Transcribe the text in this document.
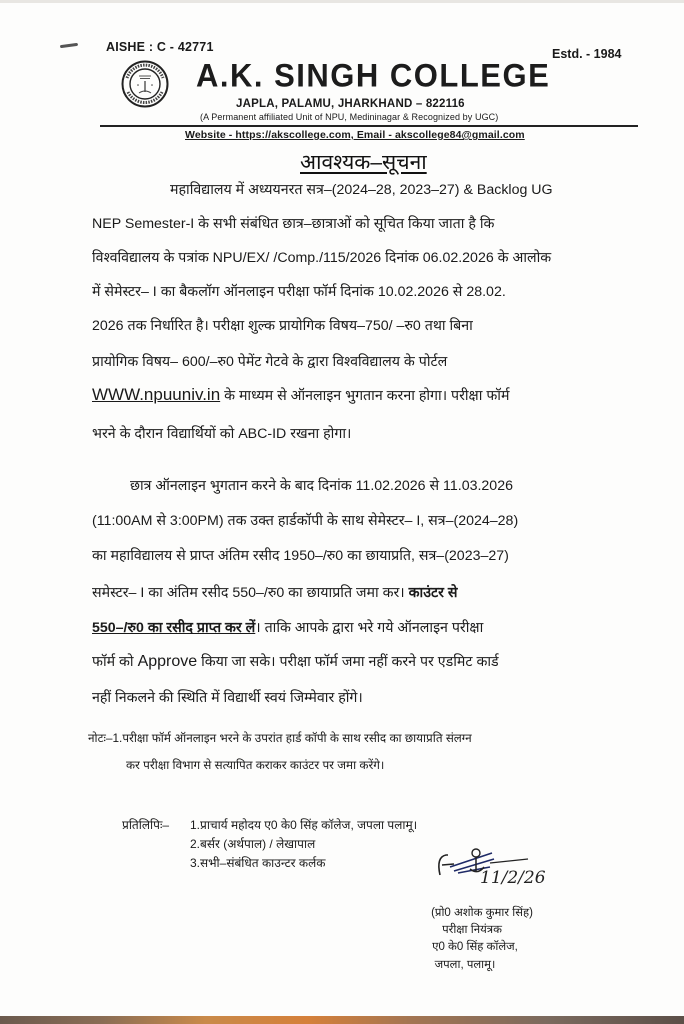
AISHE : C - 42771	Estd. - 1984
A.K. SINGH COLLEGE
JAPLA, PALAMU, JHARKHAND – 822116
(A Permanent affiliated Unit of NPU, Medininagar & Recognized by UGC)
Website - https://akscollege.com, Email - akscollege84@gmail.com
आवश्यक–सूचना
महाविद्यालय में अध्ययनरत सत्र–(2024–28, 2023–27) & Backlog UG
NEP Semester-I के सभी संबंधित छात्र–छात्राओं को सूचित किया जाता है कि
विश्वविद्यालय के पत्रांक NPU/EX/ /Comp./115/2026 दिनांक 06.02.2026 के आलोक
में सेमेस्टर– I का बैकलॉग ऑनलाइन परीक्षा फॉर्म दिनांक 10.02.2026 से 28.02.
2026 तक निर्धारित है। परीक्षा शुल्क प्रायोगिक विषय–750/ –रु0 तथा बिना
प्रायोगिक विषय– 600/–रु0 पेमेंट गेटवे के द्वारा विश्वविद्यालय के पोर्टल
WWW.npuuniv.in के माध्यम से ऑनलाइन भुगतान करना होगा। परीक्षा फॉर्म
भरने के दौरान विद्यार्थियों को ABC-ID रखना होगा।
छात्र ऑनलाइन भुगतान करने के बाद दिनांक 11.02.2026 से 11.03.2026
(11:00AM से 3:00PM) तक उक्त हार्डकॉपी के साथ सेमेस्टर– I, सत्र–(2024–28)
का महाविद्यालय से प्राप्त अंतिम रसीद 1950–/रु0 का छायाप्रति, सत्र–(2023–27)
समेस्टर– I का अंतिम रसीद 550–/रु0 का छायाप्रति जमा कर। काउंटर से
550–/रु0 का रसीद प्राप्त कर लें। ताकि आपके द्वारा भरे गये ऑनलाइन परीक्षा
फॉर्म को Approve किया जा सके। परीक्षा फॉर्म जमा नहीं करने पर एडमिट कार्ड
नहीं निकलने की स्थिति में विद्यार्थी स्वयं जिम्मेवार होंगे।
नोटः–1.परीक्षा फॉर्म ऑनलाइन भरने के उपरांत हार्ड कॉपी के साथ रसीद का छायाप्रति संलग्न
कर परीक्षा विभाग से सत्यापित कराकर काउंटर पर जमा करेंगे।
प्रतिलिपिः– 1.प्राचार्य महोदय ए0 के0 सिंह कॉलेज, जपला पलामू।
2.बर्सर (अर्थपाल) / लेखापाल
3.सभी–संबंधित काउन्टर कर्लक
11/2/26
(प्रो0 अशोक कुमार सिंह)
परीक्षा नियंत्रक
ए0 के0 सिंह कॉलेज,
जपला, पलामू।
